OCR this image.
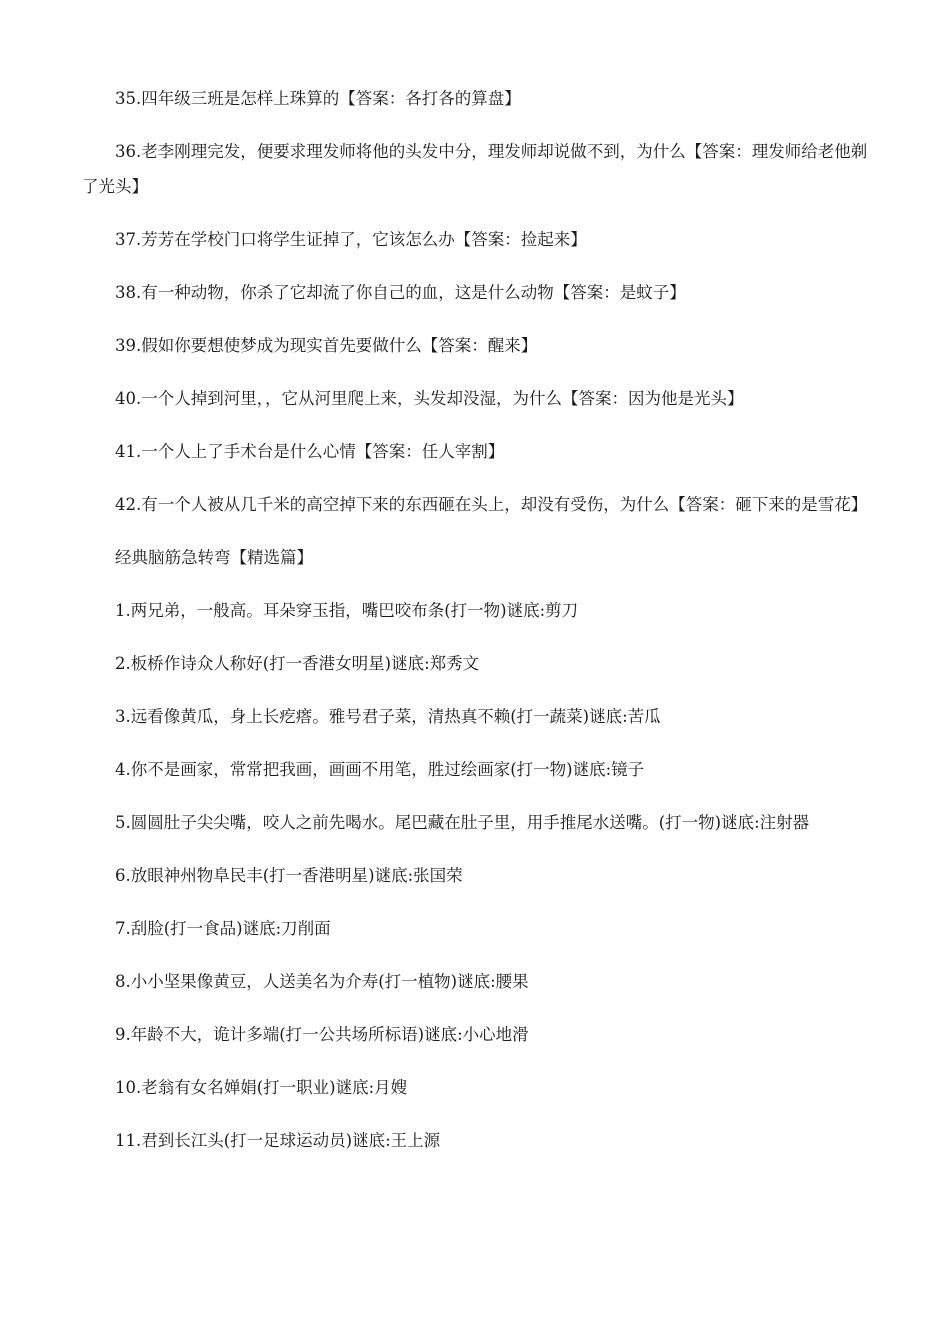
35.四年级三班是怎样上珠算的【答案：各打各的算盘】

36.老李刚理完发，便要求理发师将他的头发中分，理发师却说做不到，为什么【答案：理发师给老他剃了光头】

37.芳芳在学校门口将学生证掉了，它该怎么办【答案：捡起来】

38.有一种动物，你杀了它却流了你自己的血，这是什么动物【答案：是蚊子】

39.假如你要想使梦成为现实首先要做什么【答案：醒来】

40.一个人掉到河里，，它从河里爬上来，头发却没湿，为什么【答案：因为他是光头】

41.一个人上了手术台是什么心情【答案：任人宰割】

42.有一个人被从几千米的高空掉下来的东西砸在头上，却没有受伤，为什么【答案：砸下来的是雪花】

经典脑筋急转弯【精选篇】

1.两兄弟，一般高。耳朵穿玉指，嘴巴咬布条(打一物)谜底:剪刀

2.板桥作诗众人称好(打一香港女明星)谜底:郑秀文

3.远看像黄瓜，身上长疙瘩。雅号君子菜，清热真不赖(打一蔬菜)谜底:苦瓜

4.你不是画家，常常把我画，画画不用笔，胜过绘画家(打一物)谜底:镜子

5.圆圆肚子尖尖嘴，咬人之前先喝水。尾巴藏在肚子里，用手推尾水送嘴。(打一物)谜底:注射器

6.放眼神州物阜民丰(打一香港明星)谜底:张国荣

7.刮脸(打一食品)谜底:刀削面

8.小小坚果像黄豆，人送美名为介寿(打一植物)谜底:腰果

9.年龄不大，诡计多端(打一公共场所标语)谜底:小心地滑

10.老翁有女名婵娟(打一职业)谜底:月嫂

11.君到长江头(打一足球运动员)谜底:王上源
